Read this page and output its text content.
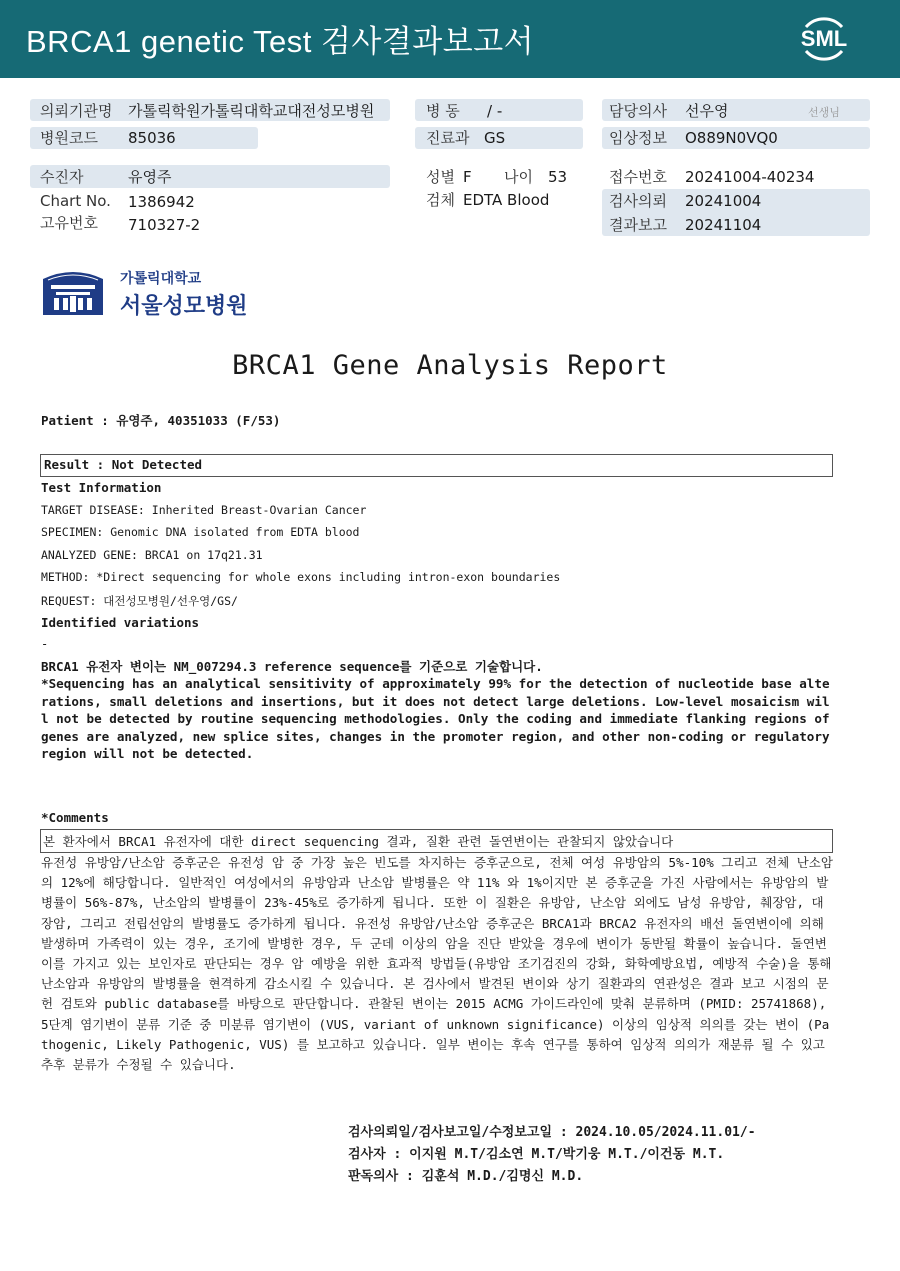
BRCA1 genetic Test 검사결과보고서	SML
의뢰기관명 가톨릭학원가톨릭대학교대전성모병원	병 동 / -	담당의사 선우영	선생님
병원코드 85036	진료과 GS	임상정보 O889N0VQ0
수진자	유영주	성별 F 나이 53	접수번호 20241004-40234
Chart No. 1386942	검체 EDTA Blood	검사의뢰 20241004
고유번호 710327-2	결과보고 20241104
가톨릭대학교
서울성모병원
BRCA1 Gene Analysis Report
Patient : 유영주, 40351033 (F/53)
Result : Not Detected
Test Information
TARGET DISEASE: Inherited Breast-Ovarian Cancer
SPECIMEN: Genomic DNA isolated from EDTA blood
ANALYZED GENE: BRCA1 on 17q21.31
METHOD: *Direct sequencing for whole exons including intron-exon boundaries
REQUEST: 대전성모병원/선우영/GS/
Identified variations
-
BRCA1 유전자 변이는 NM_007294.3 reference sequence를 기준으로 기술합니다.
*Sequencing has an analytical sensitivity of approximately 99% for the detection of nucleotide base alterations, small deletions and insertions, but it does not detect large deletions. Low-level mosaicism will not be detected by routine sequencing methodologies. Only the coding and immediate flanking regions of genes are analyzed, new splice sites, changes in the promoter region, and other non-coding or regulatory region will not be detected.
*Comments
본 환자에서 BRCA1 유전자에 대한 direct sequencing 결과, 질환 관련 돌연변이는 관찰되지 않았습니다
유전성 유방암/난소암 증후군은 유전성 암 중 가장 높은 빈도를 차지하는 증후군으로, 전체 여성 유방암의 5%-10% 그리고 전체 난소암의 12%에 해당합니다. 일반적인 여성에서의 유방암과 난소암 발병률은 약 11% 와 1%이지만 본 증후군을 가진 사람에서는 유방암의 발병률이 56%-87%, 난소암의 발병률이 23%-45%로 증가하게 됩니다. 또한 이 질환은 유방암, 난소암 외에도 남성 유방암, 췌장암, 대장암, 그리고 전립선암의 발병률도 증가하게 됩니다. 유전성 유방암/난소암 증후군은 BRCA1과 BRCA2 유전자의 배선 돌연변이에 의해 발생하며 가족력이 있는 경우, 조기에 발병한 경우, 두 군데 이상의 암을 진단 받았을 경우에 변이가 동반될 확률이 높습니다. 돌연변이를 가지고 있는 보인자로 판단되는 경우 암 예방을 위한 효과적 방법들(유방암 조기검진의 강화, 화학예방요법, 예방적 수술)을 통해 난소암과 유방암의 발병률을 현격하게 감소시킬 수 있습니다. 본 검사에서 발견된 변이와 상기 질환과의 연관성은 결과 보고 시점의 문헌 검토와 public database를 바탕으로 판단합니다. 관찰된 변이는 2015 ACMG 가이드라인에 맞춰 분류하며 (PMID: 25741868), 5단계 염기변이 분류 기준 중 미분류 염기변이 (VUS, variant of unknown significance) 이상의 임상적 의의를 갖는 변이 (Pathogenic, Likely Pathogenic, VUS) 를 보고하고 있습니다. 일부 변이는 후속 연구를 통하여 임상적 의의가 재분류 될 수 있고 추후 분류가 수정될 수 있습니다.
검사의뢰일/검사보고일/수정보고일 : 2024.10.05/2024.11.01/-
검사자 : 이지원 M.T/김소연 M.T/박기웅 M.T./이건동 M.T.
판독의사 : 김훈석 M.D./김명신 M.D.
